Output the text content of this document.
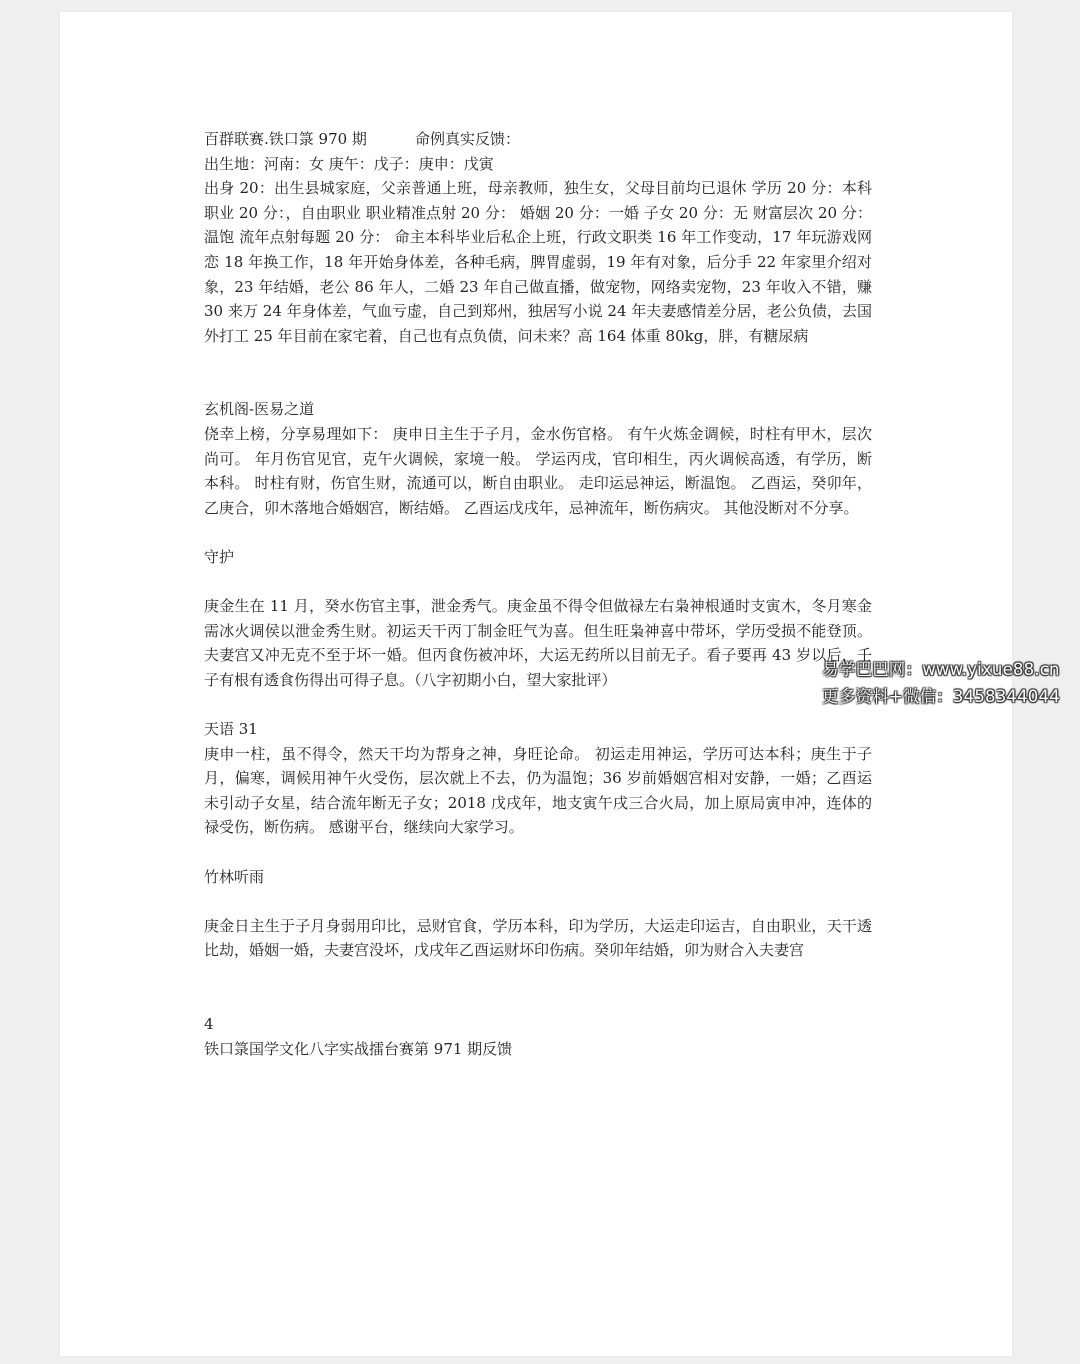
百群联赛.铁口箓 970 期	命例真实反馈：

出生地：河南：女 庚午：戊子：庚申：戊寅

出身 20：出生县城家庭，父亲普通上班，母亲教师，独生女，父母目前均已退休 学历 20 分：本科 职业 20 分：，自由职业 职业精准点射 20 分： 婚姻 20 分：一婚 子女 20 分：无 财富层次 20 分：温饱 流年点射每题 20 分： 命主本科毕业后私企上班，行政文职类 16 年工作变动，17 年玩游戏网恋 18 年换工作，18 年开始身体差，各种毛病，脾胃虚弱，19 年有对象，后分手 22 年家里介绍对象，23 年结婚，老公 86 年人，二婚 23 年自己做直播，做宠物，网络卖宠物，23 年收入不错，赚 30 来万 24 年身体差，气血亏虚，自己到郑州，独居写小说 24 年夫妻感情差分居，老公负债，去国外打工 25 年目前在家宅着，自己也有点负债，问未来？高 164 体重 80kg，胖，有糖尿病

玄机阁-医易之道

侥幸上榜，分享易理如下： 庚申日主生于子月，金水伤官格。 有午火炼金调候，时柱有甲木，层次尚可。 年月伤官见官，克午火调候，家境一般。 学运丙戌，官印相生，丙火调候高透，有学历，断本科。 时柱有财，伤官生财，流通可以，断自由职业。 走印运忌神运，断温饱。 乙酉运，癸卯年，乙庚合，卯木落地合婚姻宫，断结婚。 乙酉运戊戌年，忌神流年，断伤病灾。 其他没断对不分享。

守护

庚金生在 11 月，癸水伤官主事，泄金秀气。庚金虽不得令但做禄左右枭神根通时支寅木，冬月寒金需冰火调侯以泄金秀生财。初运天干丙丁制金旺气为喜。但生旺枭神喜中带坏，学历受损不能登顶。夫妻宫又冲无克不至于坏一婚。但丙食伤被冲坏，大运无药所以目前无子。看子要再 43 岁以后，壬子有根有透食伤得出可得子息。（八字初期小白，望大家批评）

天语 31

庚申一柱，虽不得令，然天干均为帮身之神，身旺论命。 初运走用神运，学历可达本科；庚生于子月，偏寒，调候用神午火受伤，层次就上不去，仍为温饱；36 岁前婚姻宫相对安静，一婚；乙酉运未引动子女星，结合流年断无子女；2018 戊戌年，地支寅午戌三合火局，加上原局寅申冲，连体的禄受伤，断伤病。 感谢平台，继续向大家学习。

竹林听雨

庚金日主生于子月身弱用印比，忌财官食，学历本科，印为学历，大运走印运吉，自由职业，天干透比劫，婚姻一婚，夫妻宫没坏，戊戌年乙酉运财坏印伤病。癸卯年结婚，卯为财合入夫妻宫

4

铁口箓国学文化八字实战擂台赛第 971 期反馈

易学巴巴网：www.yixue88.cn
更多资料+微信：3458344044
